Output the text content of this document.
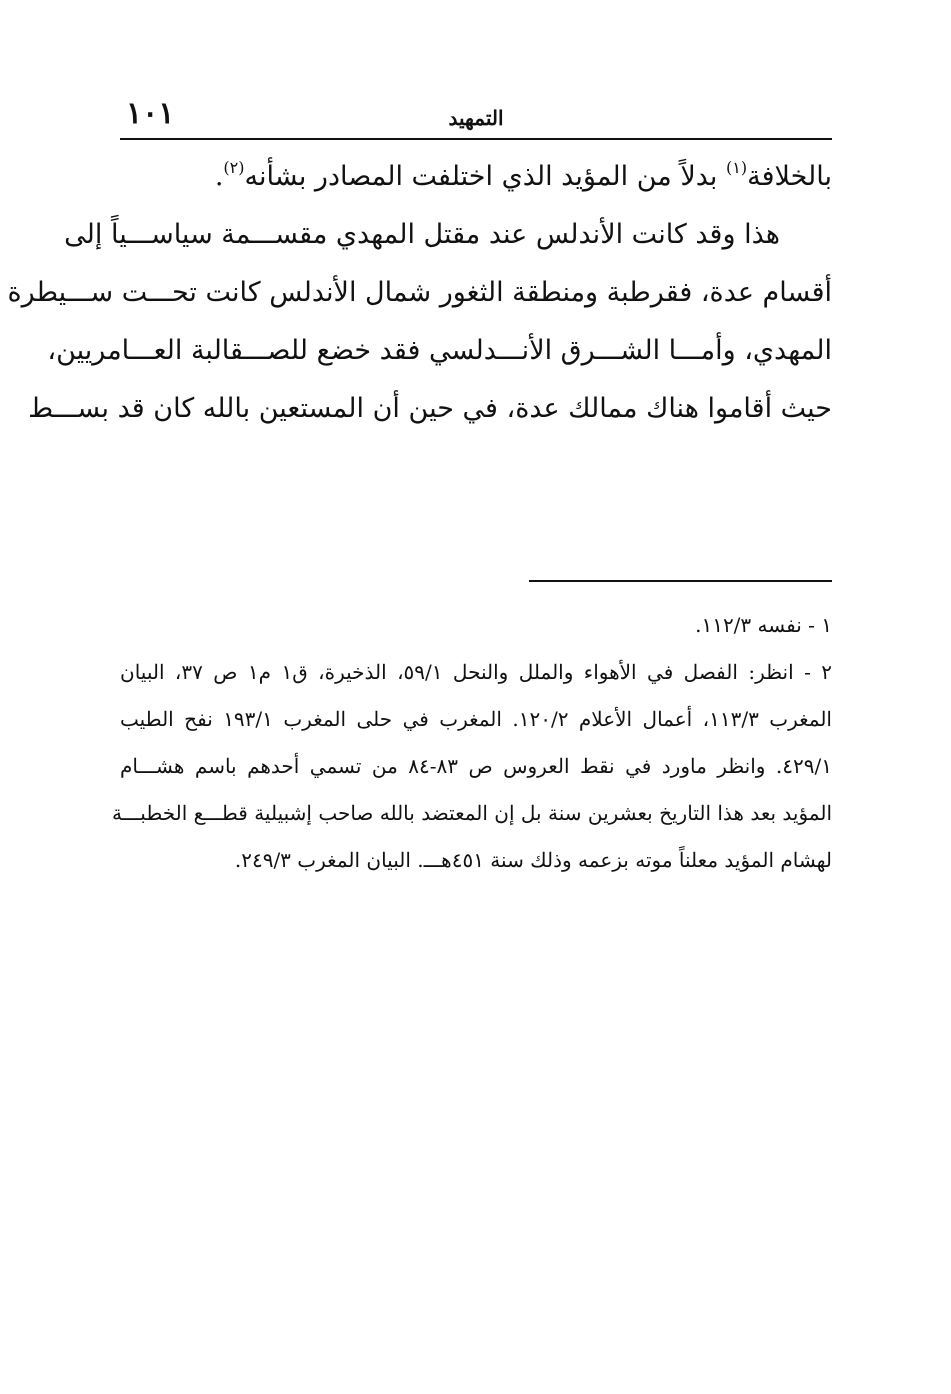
١٠١	التمهيد
بالخلافة$^{(١)}$ بدلاً من المؤيد الذي اختلفت المصادر بشأنه$^{(٢)}$.
هذا وقد كانت الأندلس عند مقتل المهدي مقســـمة سياســـياً إلى
أقسام عدة، فقرطبة ومنطقة الثغور شمال الأندلس كانت تحـــت ســـيطرة
المهدي، وأمـــا الشـــرق الأنـــدلسي فقد خضع للصـــقالبة العـــامريين،
حيث أقاموا هناك ممالك عدة، في حين أن المستعين بالله كان قد بســـط
١ - نفسه ١١٢/٣.
٢ - انظر: الفصل في الأهواء والملل والنحل ٥٩/١، الذخيرة، ق١ م١ ص ٣٧، البيان
المغرب ١١٣/٣، أعمال الأعلام ١٢٠/٢. المغرب في حلى المغرب ١٩٣/١ نفح الطيب
٤٢٩/١. وانظر ماورد في نقط العروس ص ٨٣-٨٤ من تسمي أحدهم باسم هشـــام
المؤيد بعد هذا التاريخ بعشرين سنة بل إن المعتضد بالله صاحب إشبيلية قطـــع الخطبـــة
لهشام المؤيد معلناً موته بزعمه وذلك سنة ٤٥١هـــ. البيان المغرب ٢٤٩/٣.
